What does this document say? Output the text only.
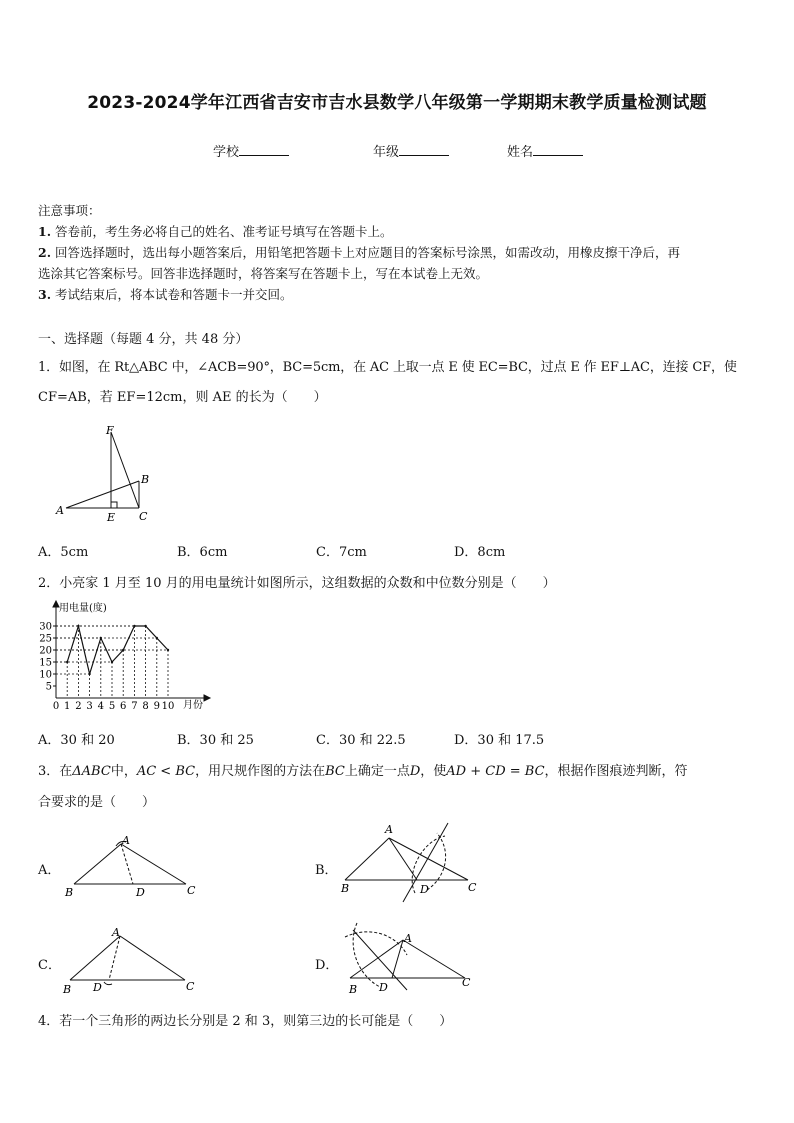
2023-2024学年江西省吉安市吉水县数学八年级第一学期期末教学质量检测试题
学校	年级	姓名
注意事项：
1. 答卷前，考生务必将自己的姓名、准考证号填写在答题卡上。
2. 回答选择题时，选出每小题答案后，用铅笔把答题卡上对应题目的答案标号涂黑，如需改动，用橡皮擦干净后，再
选涂其它答案标号。回答非选择题时，将答案写在答题卡上，写在本试卷上无效。
3. 考试结束后，将本试卷和答题卡一并交回。
一、选择题（每题 4 分，共 48 分）
1．如图，在 Rt△ABC 中，∠ACB=90°，BC=5cm，在 AC 上取一点 E 使 EC=BC，过点 E 作 EF⊥AC，连接 CF，使
CF=AB，若 EF=12cm，则 AE 的长为（　　）
F
B
A
E C
A．5cm	B．6cm	C．7cm	D．8cm
2．小亮家 1 月至 10 月的用电量统计如图所示，这组数据的众数和中位数分别是（　　）
用电量(度)
月份
30
25
20
15
10
5
0 1 2 3 4 5 6 7 8 9 10
A．30 和 20	B．30 和 25	C．30 和 22.5	D．30 和 17.5
3．在ΔABC中，AC < BC，用尺规作图的方法在BC上确定一点D，使AD + CD = BC，根据作图痕迹判断，符
合要求的是（　　）
A．
A
B	D	C
B．
A
B	D	C
C．
A
B D	C
D．
A
B D	C
4．若一个三角形的两边长分别是 2 和 3，则第三边的长可能是（　　）
